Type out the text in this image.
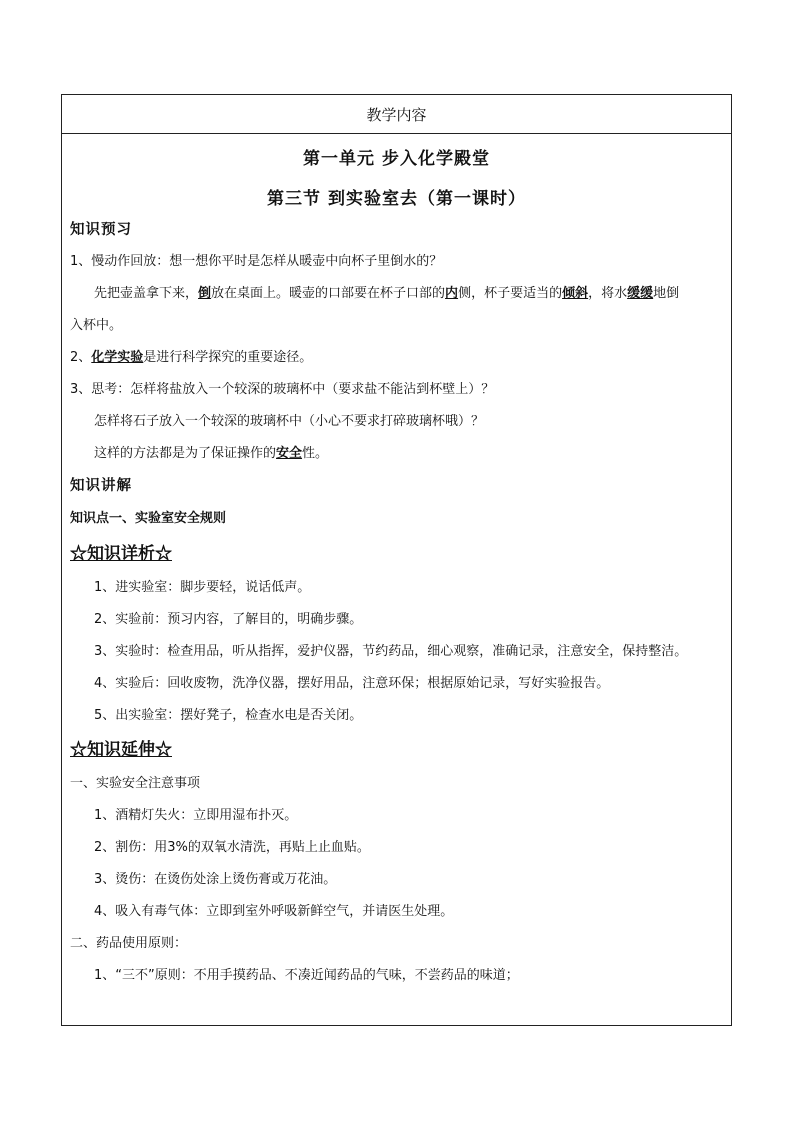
教学内容
第一单元 步入化学殿堂
第三节 到实验室去（第一课时）
知识预习
1、慢动作回放：想一想你平时是怎样从暖壶中向杯子里倒水的？
先把壶盖拿下来，倒放在桌面上。暖壶的口部要在杯子口部的内侧，杯子要适当的倾斜，将水缓缓地倒
入杯中。
2、化学实验是进行科学探究的重要途径。
3、思考：怎样将盐放入一个较深的玻璃杯中（要求盐不能沾到杯壁上）？
怎样将石子放入一个较深的玻璃杯中（小心不要求打碎玻璃杯哦）？
这样的方法都是为了保证操作的安全性。
知识讲解
知识点一、实验室安全规则
☆知识详析☆
1、进实验室：脚步要轻，说话低声。
2、实验前：预习内容，了解目的，明确步骤。
3、实验时：检查用品，听从指挥，爱护仪器，节约药品，细心观察，准确记录，注意安全，保持整洁。
4、实验后：回收废物，洗净仪器，摆好用品，注意环保；根据原始记录，写好实验报告。
5、出实验室：摆好凳子，检查水电是否关闭。
☆知识延伸☆
一、实验安全注意事项
1、酒精灯失火：立即用湿布扑灭。
2、割伤：用3%的双氧水清洗，再贴上止血贴。
3、烫伤：在烫伤处涂上烫伤膏或万花油。
4、吸入有毒气体：立即到室外呼吸新鲜空气，并请医生处理。
二、药品使用原则：
1、“三不”原则：不用手摸药品、不凑近闻药品的气味，不尝药品的味道；
